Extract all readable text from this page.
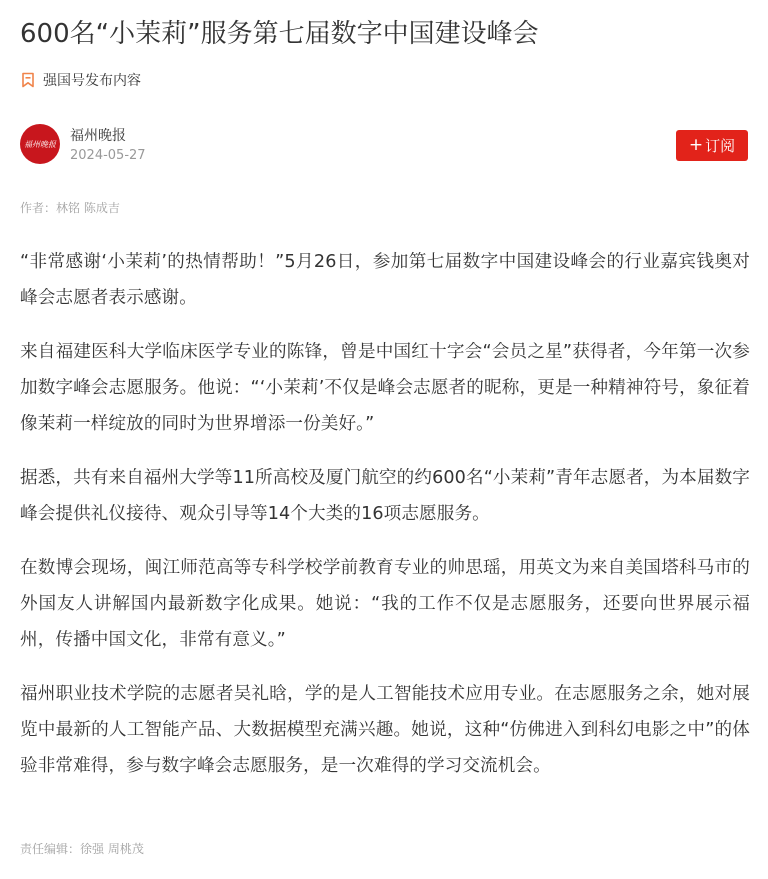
600名“小茉莉”服务第七届数字中国建设峰会
强国号发布内容
福州晚报 福州晚报
2024-05-27
+ 订阅
作者：林铭 陈成吉

“非常感谢‘小茉莉’的热情帮助！”5月26日，参加第七届数字中国建设峰会的行业嘉宾钱奥对峰会志愿者表示感谢。

来自福建医科大学临床医学专业的陈锋，曾是中国红十字会“会员之星”获得者，今年第一次参加数字峰会志愿服务。他说：“‘小茉莉’不仅是峰会志愿者的昵称，更是一种精神符号，象征着像茉莉一样绽放的同时为世界增添一份美好。”

据悉，共有来自福州大学等11所高校及厦门航空的约600名“小茉莉”青年志愿者，为本届数字峰会提供礼仪接待、观众引导等14个大类的16项志愿服务。

在数博会现场，闽江师范高等专科学校学前教育专业的帅思瑶，用英文为来自美国塔科马市的外国友人讲解国内最新数字化成果。她说：“我的工作不仅是志愿服务，还要向世界展示福州，传播中国文化，非常有意义。”

福州职业技术学院的志愿者吴礼晗，学的是人工智能技术应用专业。在志愿服务之余，她对展览中最新的人工智能产品、大数据模型充满兴趣。她说，这种“仿佛进入到科幻电影之中”的体验非常难得，参与数字峰会志愿服务，是一次难得的学习交流机会。

责任编辑：徐强 周桃茂
